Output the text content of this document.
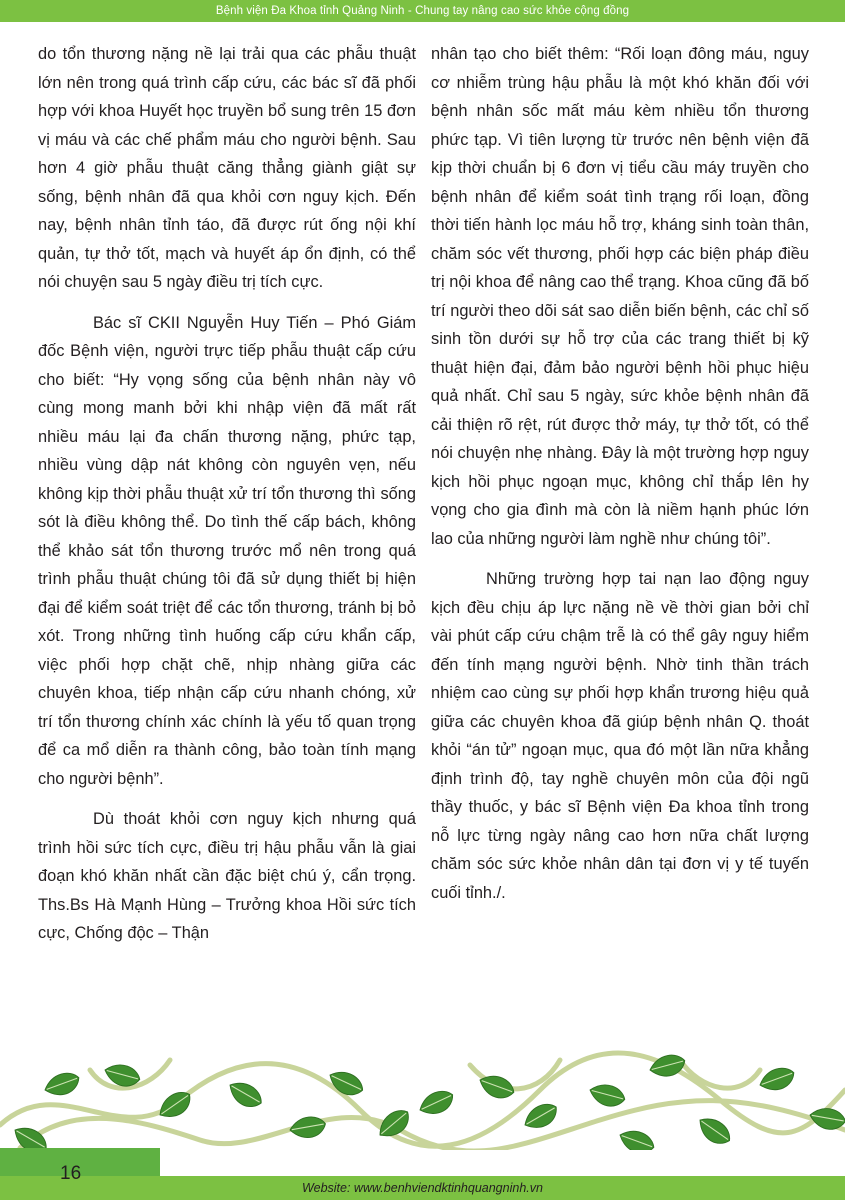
Bệnh viện Đa Khoa tỉnh Quảng Ninh - Chung tay nâng cao sức khỏe cộng đồng

do tổn thương nặng nề lại trải qua các phẫu thuật lớn nên trong quá trình cấp cứu, các bác sĩ đã phối hợp với khoa Huyết học truyền bổ sung trên 15 đơn vị máu và các chế phẩm máu cho người bệnh. Sau hơn 4 giờ phẫu thuật căng thẳng giành giật sự sống, bệnh nhân đã qua khỏi cơn nguy kịch. Đến nay, bệnh nhân tỉnh táo, đã được rút ống nội khí quản, tự thở tốt, mạch và huyết áp ổn định, có thể nói chuyện sau 5 ngày điều trị tích cực.

Bác sĩ CKII Nguyễn Huy Tiến – Phó Giám đốc Bệnh viện, người trực tiếp phẫu thuật cấp cứu cho biết: “Hy vọng sống của bệnh nhân này vô cùng mong manh bởi khi nhập viện đã mất rất nhiều máu lại đa chấn thương nặng, phức tạp, nhiều vùng dập nát không còn nguyên vẹn, nếu không kịp thời phẫu thuật xử trí tổn thương thì sống sót là điều không thể. Do tình thế cấp bách, không thể khảo sát tổn thương trước mổ nên trong quá trình phẫu thuật chúng tôi đã sử dụng thiết bị hiện đại để kiểm soát triệt để các tổn thương, tránh bị bỏ xót. Trong những tình huống cấp cứu khẩn cấp, việc phối hợp chặt chẽ, nhịp nhàng giữa các chuyên khoa, tiếp nhận cấp cứu nhanh chóng, xử trí tổn thương chính xác chính là yếu tố quan trọng để ca mổ diễn ra thành công, bảo toàn tính mạng cho người bệnh”.

Dù thoát khỏi cơn nguy kịch nhưng quá trình hồi sức tích cực, điều trị hậu phẫu vẫn là giai đoạn khó khăn nhất cần đặc biệt chú ý, cẩn trọng. Ths.Bs Hà Mạnh Hùng – Trưởng khoa Hồi sức tích cực, Chống độc – Thận

nhân tạo cho biết thêm: “Rối loạn đông máu, nguy cơ nhiễm trùng hậu phẫu là một khó khăn đối với bệnh nhân sốc mất máu kèm nhiều tổn thương phức tạp. Vì tiên lượng từ trước nên bệnh viện đã kịp thời chuẩn bị 6 đơn vị tiểu cầu máy truyền cho bệnh nhân để kiểm soát tình trạng rối loạn, đồng thời tiến hành lọc máu hỗ trợ, kháng sinh toàn thân, chăm sóc vết thương, phối hợp các biện pháp điều trị nội khoa để nâng cao thể trạng. Khoa cũng đã bố trí người theo dõi sát sao diễn biến bệnh, các chỉ số sinh tồn dưới sự hỗ trợ của các trang thiết bị kỹ thuật hiện đại, đảm bảo người bệnh hồi phục hiệu quả nhất. Chỉ sau 5 ngày, sức khỏe bệnh nhân đã cải thiện rõ rệt, rút được thở máy, tự thở tốt, có thể nói chuyện nhẹ nhàng. Đây là một trường hợp nguy kịch hồi phục ngoạn mục, không chỉ thắp lên hy vọng cho gia đình mà còn là niềm hạnh phúc lớn lao của những người làm nghề như chúng tôi”.

Những trường hợp tai nạn lao động nguy kịch đều chịu áp lực nặng nề về thời gian bởi chỉ vài phút cấp cứu chậm trễ là có thể gây nguy hiểm đến tính mạng người bệnh. Nhờ tinh thần trách nhiệm cao cùng sự phối hợp khẩn trương hiệu quả giữa các chuyên khoa đã giúp bệnh nhân Q. thoát khỏi “án tử” ngoạn mục, qua đó một lần nữa khẳng định trình độ, tay nghề chuyên môn của đội ngũ thầy thuốc, y bác sĩ Bệnh viện Đa khoa tỉnh trong nỗ lực từng ngày nâng cao hơn nữa chất lượng chăm sóc sức khỏe nhân dân tại đơn vị y tế tuyến cuối tỉnh./.

16
Website: www.benhviendktinhquangninh.vn
